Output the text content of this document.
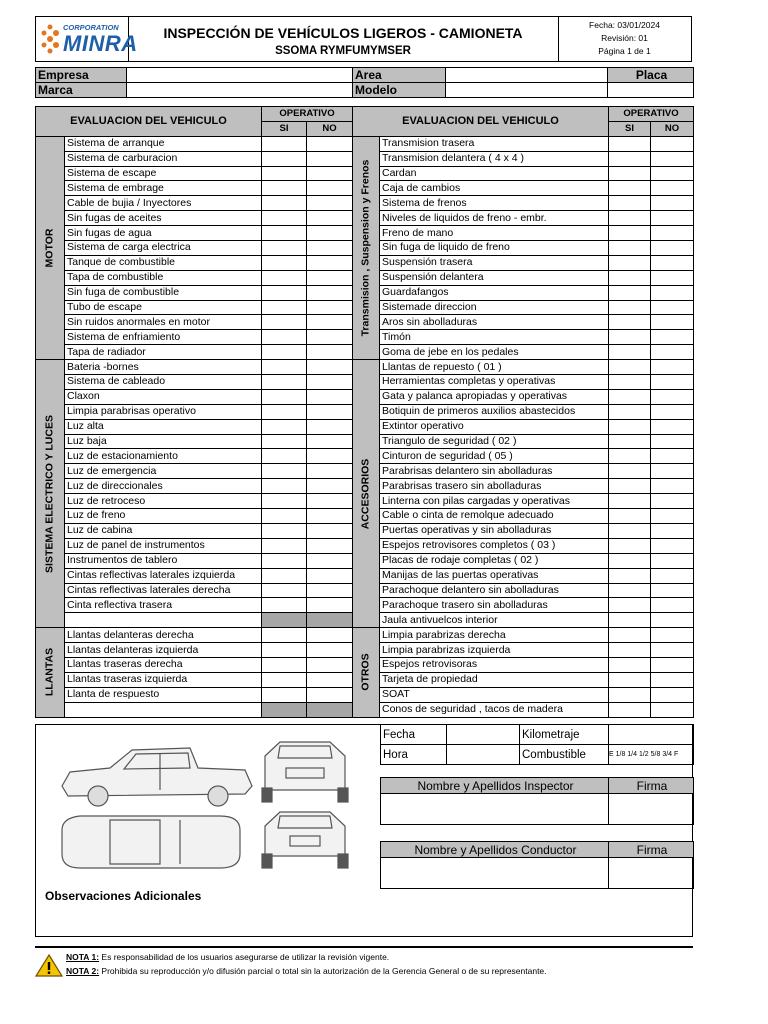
CORPORATION
MINRA	INSPECCIÓN DE VEHÍCULOS LIGEROS - CAMIONETA
SSOMA RYMFUMYMSER
Fecha: 03/01/2024
Revisión: 01
Página 1 de 1
Empresa		Area		Placa
Marca		Modelo		
EVALUACION DEL VEHICULO		OPERATIVO	
		SI	NO

MOTOR	Sistema de arranque		
	Sistema de carburacion		
	Sistema de escape		
	Sistema de embrage		
	Cable de bujia / Inyectores		
	Sin fugas de aceites		
	Sin fugas de agua		
	Sistema de carga electrica		
	Tanque de combustible		
	Tapa de combustible		
	Sin fuga de combustible		
	Tubo de escape		
	Sin ruidos anormales en motor		
	Sistema de enfriamiento		
	Tapa de radiador		

SISTEMA ELECTRICO Y LUCES	Bateria -bornes		
	Sistema de cableado		
	Claxon		
	Limpia parabrisas operativo		
	Luz alta		
	Luz baja		
	Luz de estacionamiento		
	Luz de emergencia		
	Luz de direccionales		
	Luz de retroceso		
	Luz de freno		
	Luz de cabina		
	Luz de panel de instrumentos		
	Instrumentos de tablero		
	Cintas reflectivas laterales izquierda		
	Cintas reflectivas laterales derecha		
	Cinta reflectiva trasera		

LLANTAS	Llantas delanteras derecha		
	Llantas delanteras izquierda		
	Llantas traseras derecha		
	Llantas traseras izquierda		
	Llanta de respuesto		

EVALUACION DEL VEHICULO		OPERATIVO	
		SI	NO

Transmision , Suspension y Frenos	Transmision trasera		
	Transmision delantera ( 4 x 4 )		
	Cardan		
	Caja de cambios		
	Sistema de frenos		
	Niveles de liquidos de freno - embr.		
	Freno de mano		
	Sin fuga de liquido de freno		
	Suspensión trasera		
	Suspensión delantera		
	Guardafangos		
	Sistemade direccion		
	Aros sin abolladuras		
	Timón		
	Goma de jebe en los pedales		

ACCESORIOS	Llantas de repuesto ( 01 )		
	Herramientas completas y operativas		
	Gata y palanca apropiadas y operativas		
	Botiquin de primeros auxilios abastecidos		
	Extintor operativo		
	Triangulo de seguridad ( 02 )		
	Cinturon de seguridad ( 05 )		
	Parabrisas delantero sin abolladuras		
	Parabrisas trasero sin abolladuras		
	Linterna con pilas cargadas y operativas		
	Cable o cinta de remolque adecuado		
	Puertas operativas y sin abolladuras		
	Espejos retrovisores completos ( 03 )		
	Placas de rodaje completas ( 02 )		
	Manijas de las puertas operativas		
	Parachoque delantero sin abolladuras		
	Parachoque trasero sin abolladuras		
	Jaula antivuelcos interior		

OTROS	Limpia parabrizas derecha		
	Limpia parabrizas izquierda		
	Espejos retrovisoras		
	Tarjeta de propiedad		
	SOAT		
	Conos de seguridad , tacos de madera		
Fecha		Kilometraje	
Hora		Combustible	E 1/8 1/4 1/2 5/8 3/4 F
Nombre y Apellidos Inspector	Firma

Nombre y Apellidos Conductor	Firma

Observaciones Adicionales
NOTA 1: Es responsabilidad de los usuarios asegurarse de utilizar la revisión vigente.
NOTA 2: Prohibida su reproducción y/o difusión parcial o total sin la autorización de la Gerencia General o de su representante.
